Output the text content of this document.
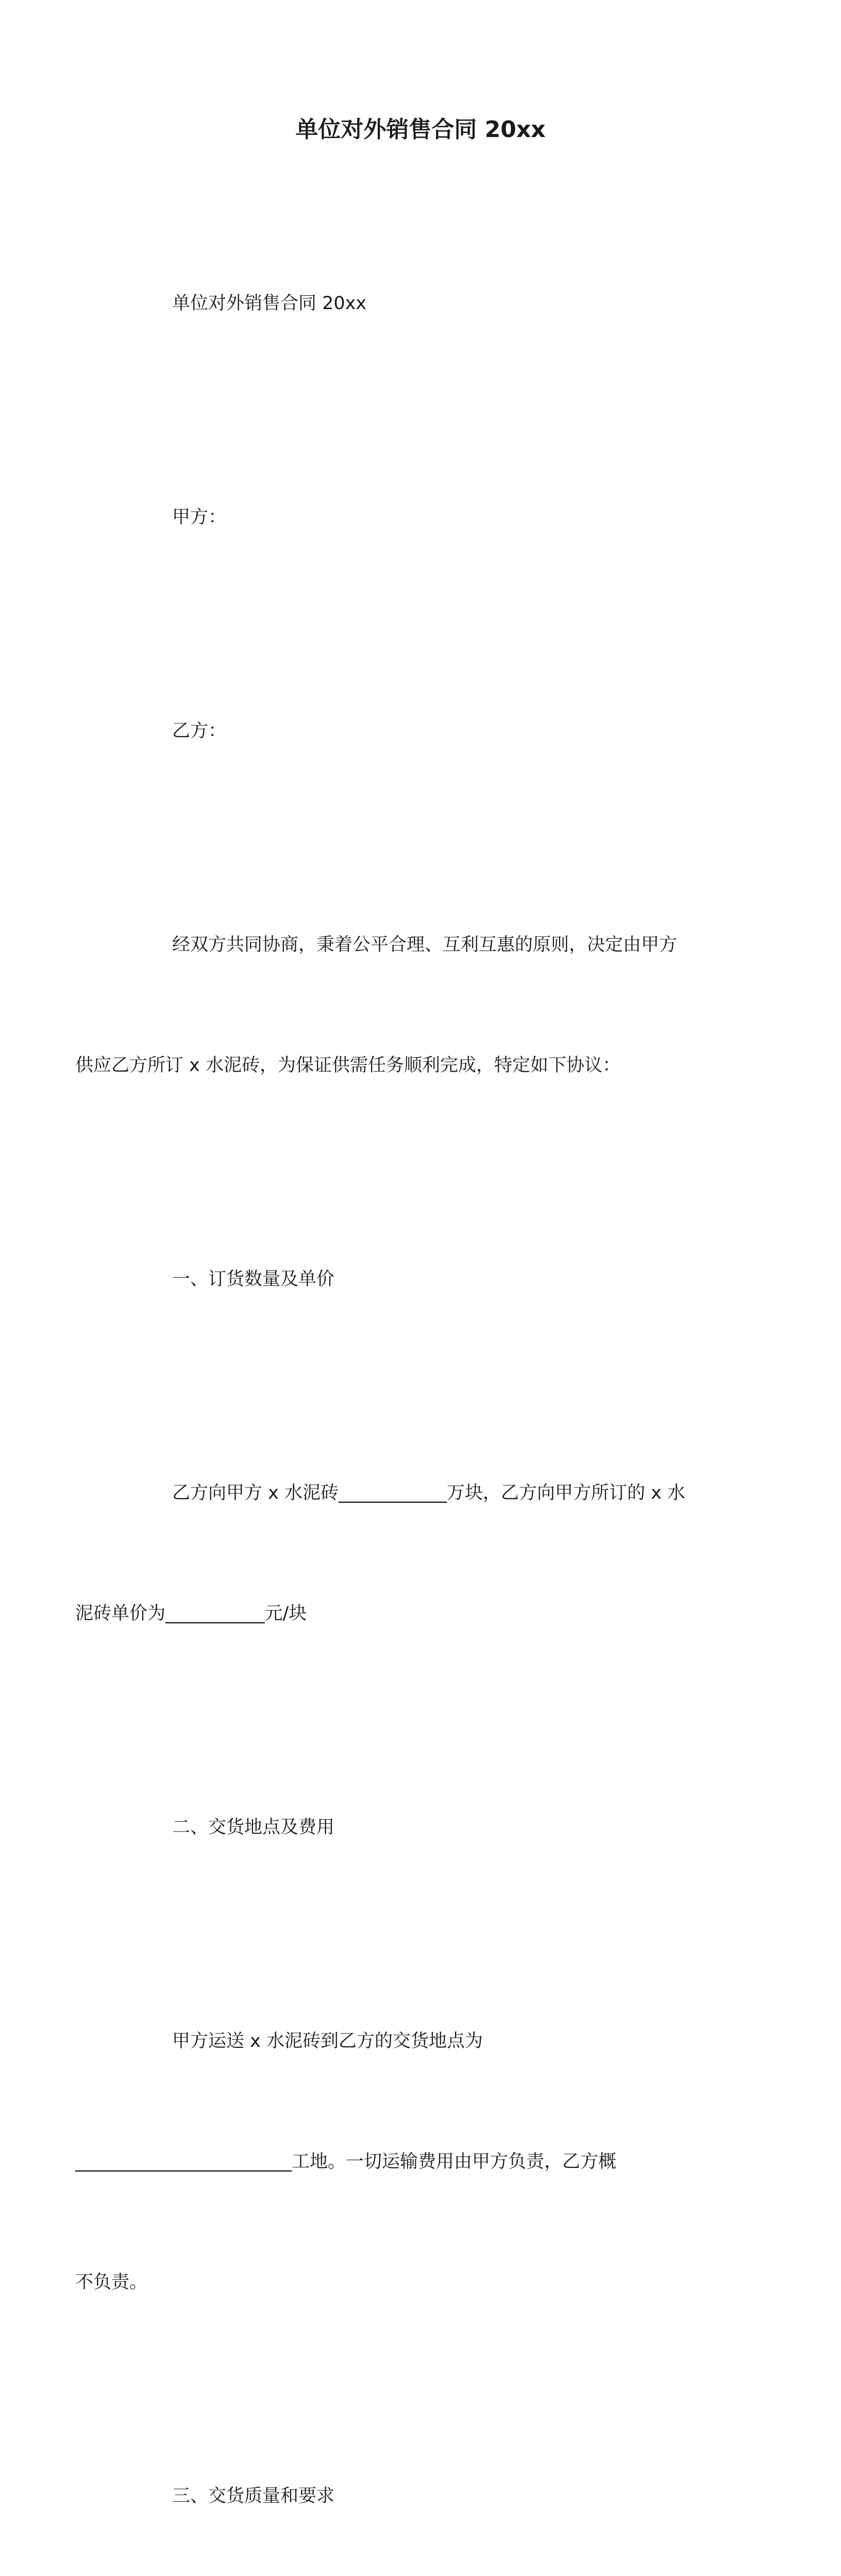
单位对外销售合同 20xx

单位对外销售合同 20xx

甲方：

乙方：

经双方共同协商，秉着公平合理、互利互惠的原则，决定由甲方

供应乙方所订 x 水泥砖，为保证供需任务顺利完成，特定如下协议：

一、订货数量及单价

乙方向甲方 x 水泥砖____________万块，乙方向甲方所订的 x 水

泥砖单价为___________元/块

二、交货地点及费用

甲方运送 x 水泥砖到乙方的交货地点为

________________________工地。一切运输费用由甲方负责，乙方概

不负责。

三、交货质量和要求
